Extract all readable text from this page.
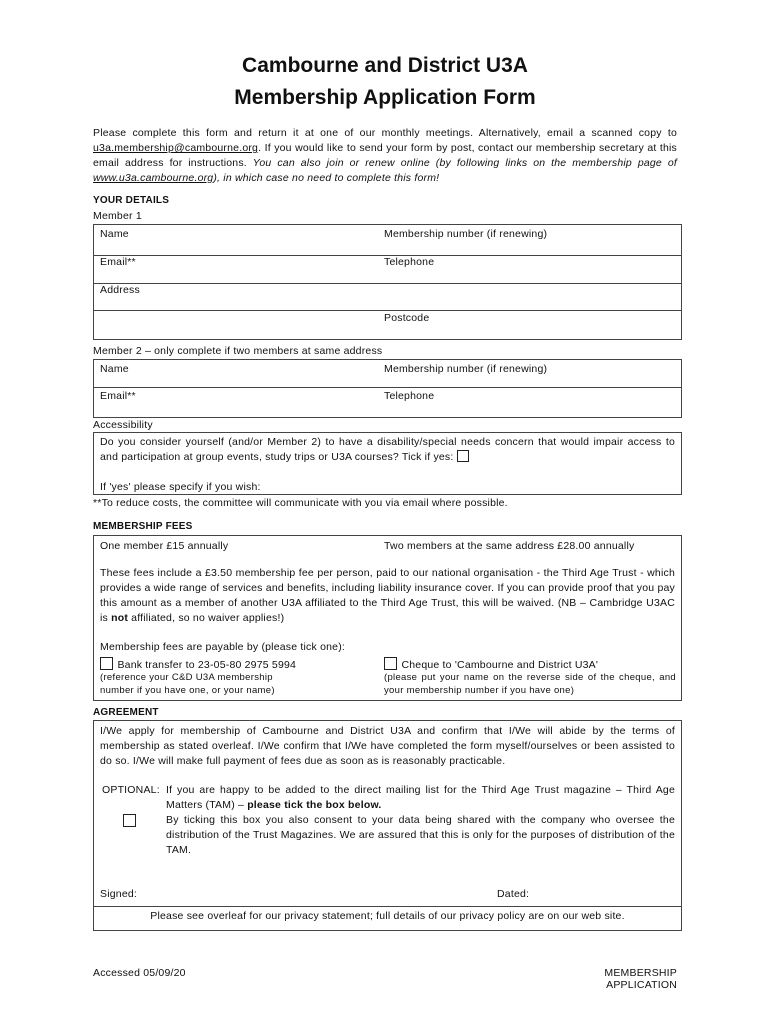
Cambourne and District U3A
Membership Application Form
Please complete this form and return it at one of our monthly meetings. Alternatively, email a scanned copy to u3a.membership@cambourne.org. If you would like to send your form by post, contact our membership secretary at this email address for instructions. You can also join or renew online (by following links on the membership page of www.u3a.cambourne.org), in which case no need to complete this form!
YOUR DETAILS
Member 1
Name	Membership number (if renewing)
Email**	Telephone
Address
Postcode
Member 2 – only complete if two members at same address
Name	Membership number (if renewing)
Email**	Telephone
Accessibility
Do you consider yourself (and/or Member 2) to have a disability/special needs concern that would impair access to and participation at group events, study trips or U3A courses? Tick if yes:
If 'yes' please specify if you wish:
**To reduce costs, the committee will communicate with you via email where possible.
MEMBERSHIP FEES
One member £15 annually	Two members at the same address £28.00 annually
These fees include a £3.50 membership fee per person, paid to our national organisation - the Third Age Trust - which provides a wide range of services and benefits, including liability insurance cover. If you can provide proof that you pay this amount as a member of another U3A affiliated to the Third Age Trust, this will be waived. (NB – Cambridge U3AC is not affiliated, so no waiver applies!)
Membership fees are payable by (please tick one):
Bank transfer to 23-05-80 2975 5994
(reference your C&D U3A membership number if you have one, or your name)
Cheque to 'Cambourne and District U3A'
(please put your name on the reverse side of the cheque, and your membership number if you have one)
AGREEMENT
I/We apply for membership of Cambourne and District U3A and confirm that I/We will abide by the terms of membership as stated overleaf. I/We confirm that I/We have completed the form myself/ourselves or been assisted to do so. I/We will make full payment of fees due as soon as is reasonably practicable.
OPTIONAL: If you are happy to be added to the direct mailing list for the Third Age Trust magazine – Third Age Matters (TAM) – please tick the box below.
By ticking this box you also consent to your data being shared with the company who oversee the distribution of the Trust Magazines. We are assured that this is only for the purposes of distribution of the TAM.
Signed:	Dated:
Please see overleaf for our privacy statement; full details of our privacy policy are on our web site.
Accessed 05/09/20	MEMBERSHIP APPLICATION
